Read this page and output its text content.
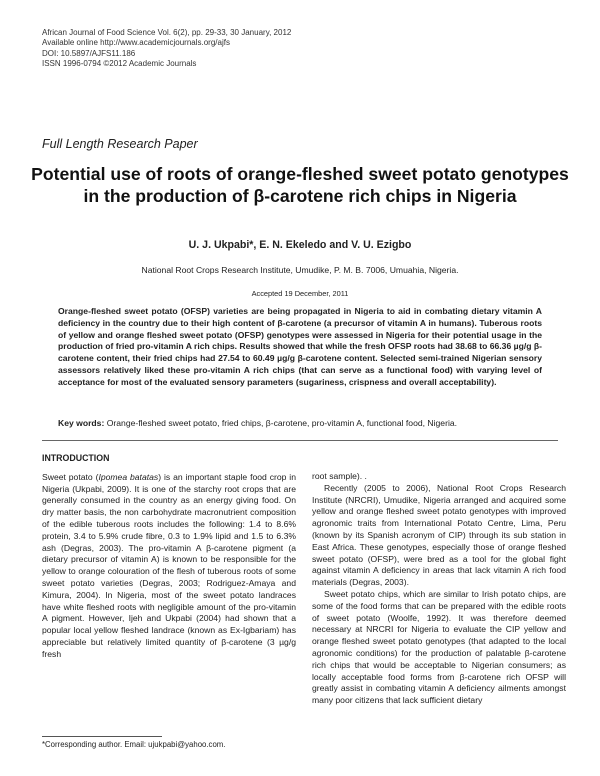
African Journal of Food Science Vol. 6(2), pp. 29-33, 30 January, 2012
Available online http://www.academicjournals.org/ajfs
DOI: 10.5897/AJFS11.186
ISSN 1996-0794 ©2012 Academic Journals
Full Length Research Paper
Potential use of roots of orange-fleshed sweet potato genotypes in the production of β-carotene rich chips in Nigeria
U. J. Ukpabi*, E. N. Ekeledo and V. U. Ezigbo
National Root Crops Research Institute, Umudike, P. M. B. 7006, Umuahia, Nigeria.
Accepted 19 December, 2011
Orange-fleshed sweet potato (OFSP) varieties are being propagated in Nigeria to aid in combating dietary vitamin A deficiency in the country due to their high content of β-carotene (a precursor of vitamin A in humans). Tuberous roots of yellow and orange fleshed sweet potato (OFSP) genotypes were assessed in Nigeria for their potential usage in the production of fried pro-vitamin A rich chips. Results showed that while the fresh OFSP roots had 38.68 to 66.36 µg/g β-carotene content, their fried chips had 27.54 to 60.49 µg/g β-carotene content. Selected semi-trained Nigerian sensory assessors relatively liked these pro-vitamin A rich chips (that can serve as a functional food) with varying level of acceptance for most of the evaluated sensory parameters (sugariness, crispness and overall acceptability).
Key words: Orange-fleshed sweet potato, fried chips, β-carotene, pro-vitamin A, functional food, Nigeria.

INTRODUCTION

Sweet potato (Ipomea batatas) is an important staple food crop in Nigeria (Ukpabi, 2009). It is one of the starchy root crops that are generally consumed in the country as an energy giving food. On dry matter basis, the non carbohydrate macronutrient composition of the edible tuberous roots includes the following: 1.4 to 8.6% protein, 3.4 to 5.9% crude fibre, 0.3 to 1.9% lipid and 1.5 to 6.3% ash (Degras, 2003). The pro-vitamin A β-carotene pigment (a dietary precursor of vitamin A) is known to be responsible for the yellow to orange colouration of the flesh of tuberous roots of some sweet potato varieties (Degras, 2003; Rodriguez-Amaya and Kimura, 2004). In Nigeria, most of the sweet potato landraces have white fleshed roots with negligible amount of the pro-vitamin A pigment. However, Ijeh and Ukpabi (2004) had shown that a popular local yellow fleshed landrace (known as Ex-Igbariam) has appreciable but relatively limited quantity of β-carotene (3 µg/g fresh

root sample). .

Recently (2005 to 2006), National Root Crops Research Institute (NRCRI), Umudike, Nigeria arranged and acquired some yellow and orange fleshed sweet potato genotypes with improved agronomic traits from International Potato Centre, Lima, Peru (known by its Spanish acronym of CIP) through its sub station in East Africa. These genotypes, especially those of orange fleshed sweet potato (OFSP), were bred as a tool for the global fight against vitamin A deficiency in areas that lack vitamin A rich food materials (Degras, 2003).

Sweet potato chips, which are similar to Irish potato chips, are some of the food forms that can be prepared with the edible roots of sweet potato (Woolfe, 1992). It was therefore deemed necessary at NRCRI for Nigeria to evaluate the CIP yellow and orange fleshed sweet potato genotypes (that adapted to the local agronomic conditions) for the production of palatable β-carotene rich chips that would be acceptable to Nigerian consumers; as locally acceptable food forms from β-carotene rich OFSP will greatly assist in combating vitamin A deficiency ailments amongst many poor citizens that lack sufficient dietary

*Corresponding author. Email: ujukpabi@yahoo.com.
